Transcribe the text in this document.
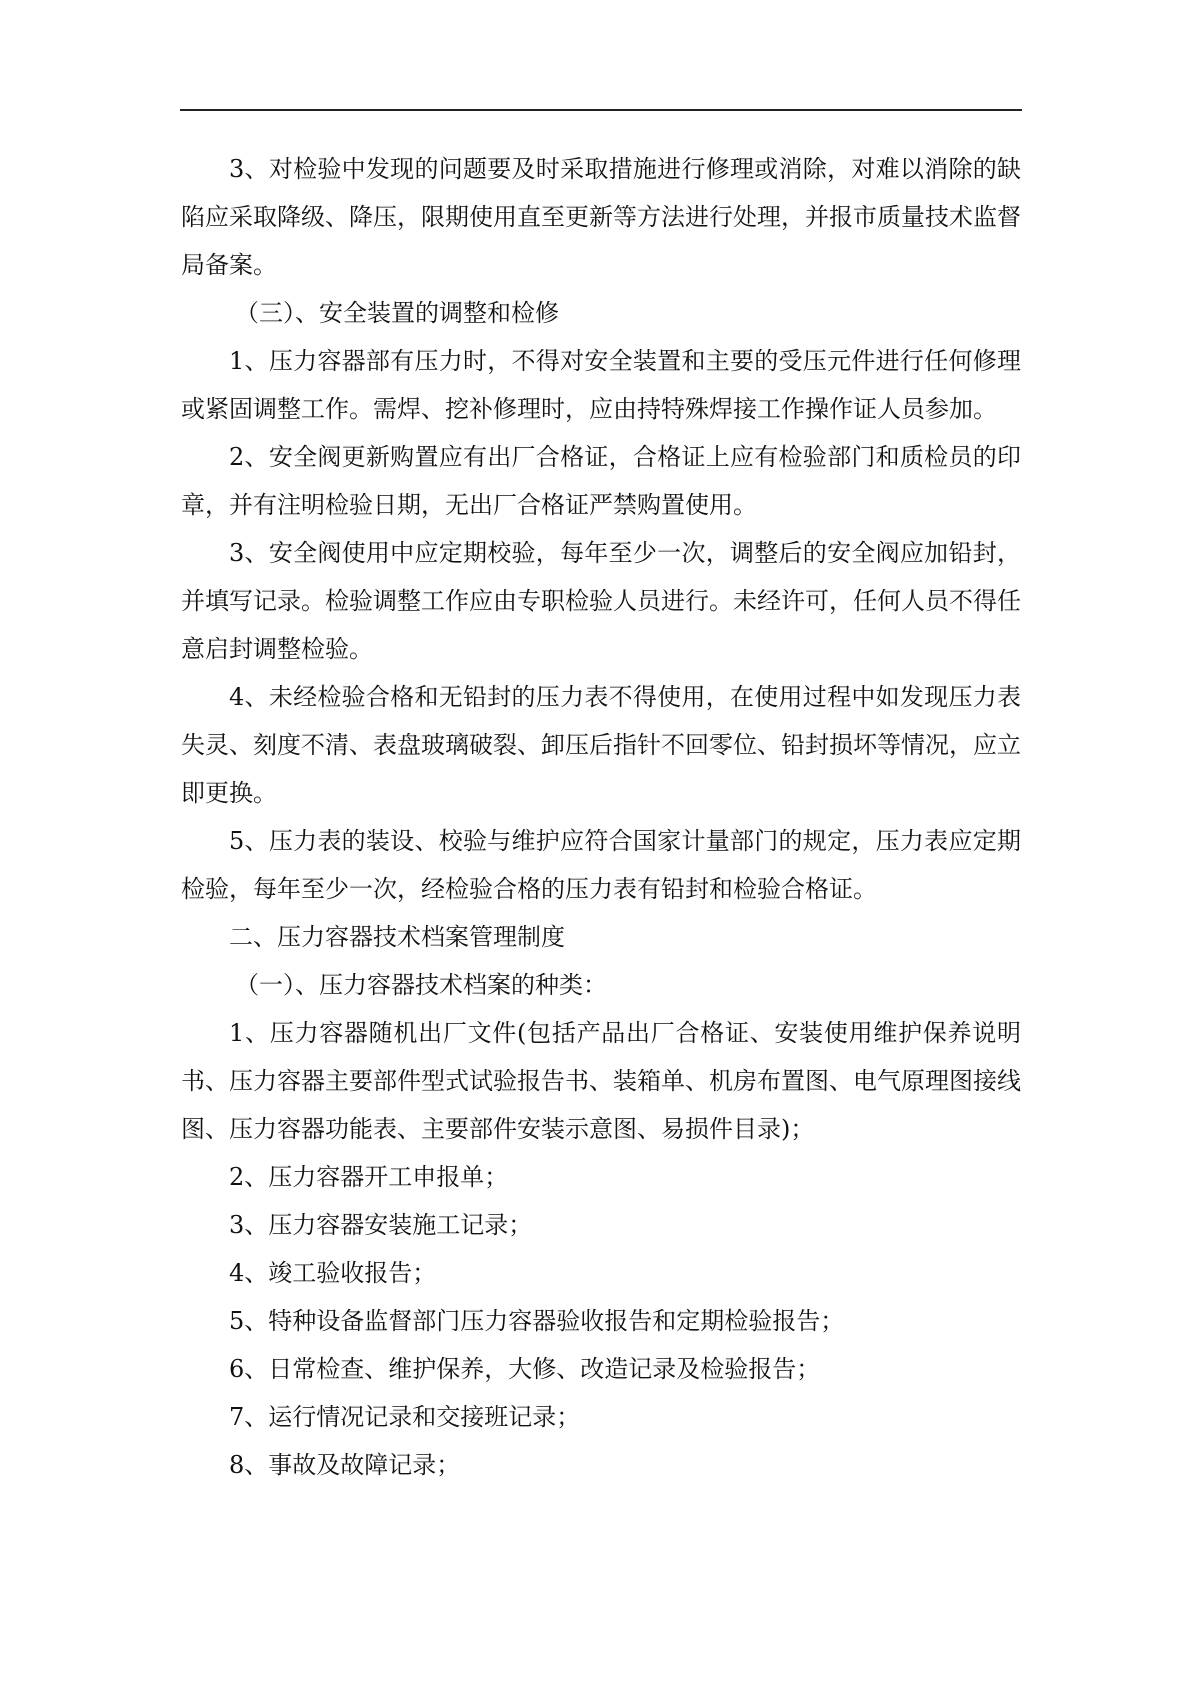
3、对检验中发现的问题要及时采取措施进行修理或消除，对难以消除的缺陷应采取降级、降压，限期使用直至更新等方法进行处理，并报市质量技术监督局备案。

（三）、安全装置的调整和检修

1、压力容器部有压力时，不得对安全装置和主要的受压元件进行任何修理或紧固调整工作。需焊、挖补修理时，应由持特殊焊接工作操作证人员参加。

2、安全阀更新购置应有出厂合格证，合格证上应有检验部门和质检员的印章，并有注明检验日期，无出厂合格证严禁购置使用。

3、安全阀使用中应定期校验，每年至少一次，调整后的安全阀应加铅封，并填写记录。检验调整工作应由专职检验人员进行。未经许可，任何人员不得任意启封调整检验。

4、未经检验合格和无铅封的压力表不得使用，在使用过程中如发现压力表失灵、刻度不清、表盘玻璃破裂、卸压后指针不回零位、铅封损坏等情况，应立即更换。

5、压力表的装设、校验与维护应符合国家计量部门的规定，压力表应定期检验，每年至少一次，经检验合格的压力表有铅封和检验合格证。

二、压力容器技术档案管理制度

（一）、压力容器技术档案的种类：

1、压力容器随机出厂文件(包括产品出厂合格证、安装使用维护保养说明书、压力容器主要部件型式试验报告书、装箱单、机房布置图、电气原理图接线图、压力容器功能表、主要部件安装示意图、易损件目录)；

2、压力容器开工申报单；

3、压力容器安装施工记录；

4、竣工验收报告；

5、特种设备监督部门压力容器验收报告和定期检验报告；

6、日常检查、维护保养，大修、改造记录及检验报告；

7、运行情况记录和交接班记录；

8、事故及故障记录；
